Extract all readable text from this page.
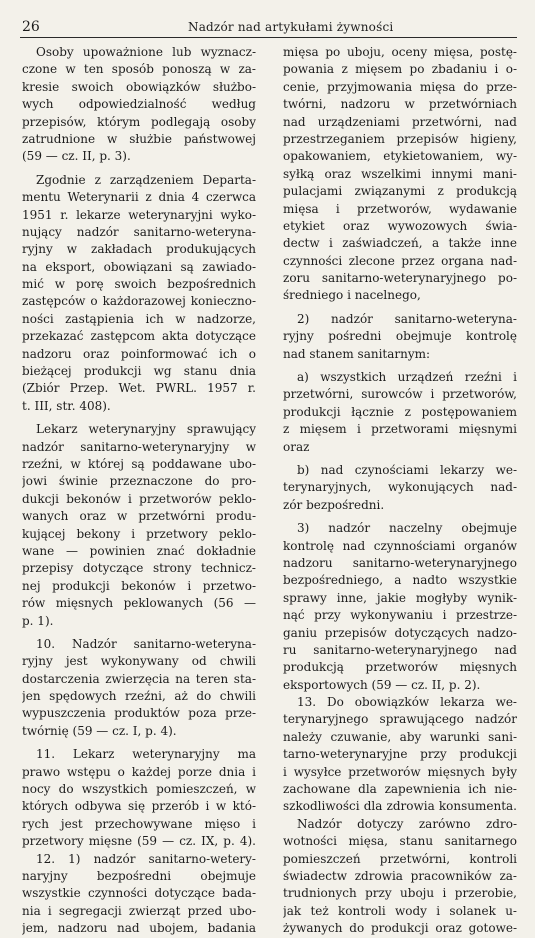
26	Nadzór nad artykułami żywności
Osoby upoważnione lub wyznacz-
czone w ten sposób ponoszą w za-
kresie swoich obowiązków służbo-
wych odpowiedzialność według
przepisów, którym podlegają osoby
zatrudnione w służbie państwowej
(59 — cz. II, p. 3).
Zgodnie z zarządzeniem Departa-
mentu Weterynarii z dnia 4 czerwca
1951 r. lekarze weterynaryjni wyko-
nujący nadzór sanitarno-weteryna-
ryjny w zakładach produkujących
na eksport, obowiązani są zawiado-
mić w porę swoich bezpośrednich
zastępców o każdorazowej konieczno-
ności zastąpienia ich w nadzorze,
przekazać zastępcom akta dotyczące
nadzoru oraz poinformować ich o
bieżącej produkcji wg stanu dnia
(Zbiór Przep. Wet. PWRL. 1957 r.
t. III, str. 408).
Lekarz weterynaryjny sprawujący
nadzór sanitarno-weterynaryjny w
rzeźni, w której są poddawane ubo-
jowi świnie przeznaczone do pro-
dukcji bekonów i przetworów peklo-
wanych oraz w przetwórni produ-
kującej bekony i przetwory peklo-
wane — powinien znać dokładnie
przepisy dotyczące strony technicz-
nej produkcji bekonów i przetwo-
rów mięsnych peklowanych (56 —
p. 1).
10. Nadzór sanitarno-weteryna-
ryjny jest wykonywany od chwili
dostarczenia zwierzęcia na teren sta-
jen spędowych rzeźni, aż do chwili
wypuszczenia produktów poza prze-
twórnię (59 — cz. I, p. 4).
11. Lekarz weterynaryjny ma
prawo wstępu o każdej porze dnia i
nocy do wszystkich pomieszczeń, w
których odbywa się przerób i w któ-
rych jest przechowywane mięso i
przetwory mięsne (59 — cz. IX, p. 4).
12. 1) nadzór sanitarno-wetery-
naryjny bezpośredni obejmuje
wszystkie czynności dotyczące bada-
nia i segregacji zwierząt przed ubo-
jem, nadzoru nad ubojem, badania
mięsa po uboju, oceny mięsa, postę-
powania z mięsem po zbadaniu i o-
cenie, przyjmowania mięsa do prze-
twórni, nadzoru w przetwórniach
nad urządzeniami przetwórni, nad
przestrzeganiem przepisów higieny,
opakowaniem, etykietowaniem, wy-
syłką oraz wszelkimi innymi mani-
pulacjami związanymi z produkcją
mięsa i przetworów, wydawanie
etykiet oraz wywozowych świa-
dectw i zaświadczeń, a także inne
czynności zlecone przez organa nad-
zoru sanitarno-weterynaryjnego po-
średniego i nacelnego,
2) nadzór sanitarno-weteryna-
ryjny pośredni obejmuje kontrolę
nad stanem sanitarnym:
a) wszystkich urządzeń rzeźni i
przetwórni, surowców i przetworów,
produkcji łącznie z postępowaniem
z mięsem i przetworami mięsnymi
oraz
b) nad czynościami lekarzy we-
terynaryjnych, wykonujących nad-
zór bezpośredni.
3) nadzór naczelny obejmuje
kontrolę nad czynnościami organów
nadzoru sanitarno-weterynaryjnego
bezpośredniego, a nadto wszystkie
sprawy inne, jakie mogłyby wynik-
nąć przy wykonywaniu i przestrze-
ganiu przepisów dotyczących nadzo-
ru sanitarno-weterynaryjnego nad
produkcją przetworów mięsnych
eksportowych (59 — cz. II, p. 2).
13. Do obowiązków lekarza we-
terynaryjnego sprawującego nadzór
należy czuwanie, aby warunki sani-
tarno-weterynaryjne przy produkcji
i wysyłce przetworów mięsnych były
zachowane dla zapewnienia ich nie-
szkodliwości dla zdrowia konsumenta.
Nadzór dotyczy zarówno zdro-
wotności mięsa, stanu sanitarnego
pomieszczeń przetwórni, kontroli
świadectw zdrowia pracowników za-
trudnionych przy uboju i przerobie,
jak też kontroli wody i solanek u-
żywanych do produkcji oraz gotowe-
